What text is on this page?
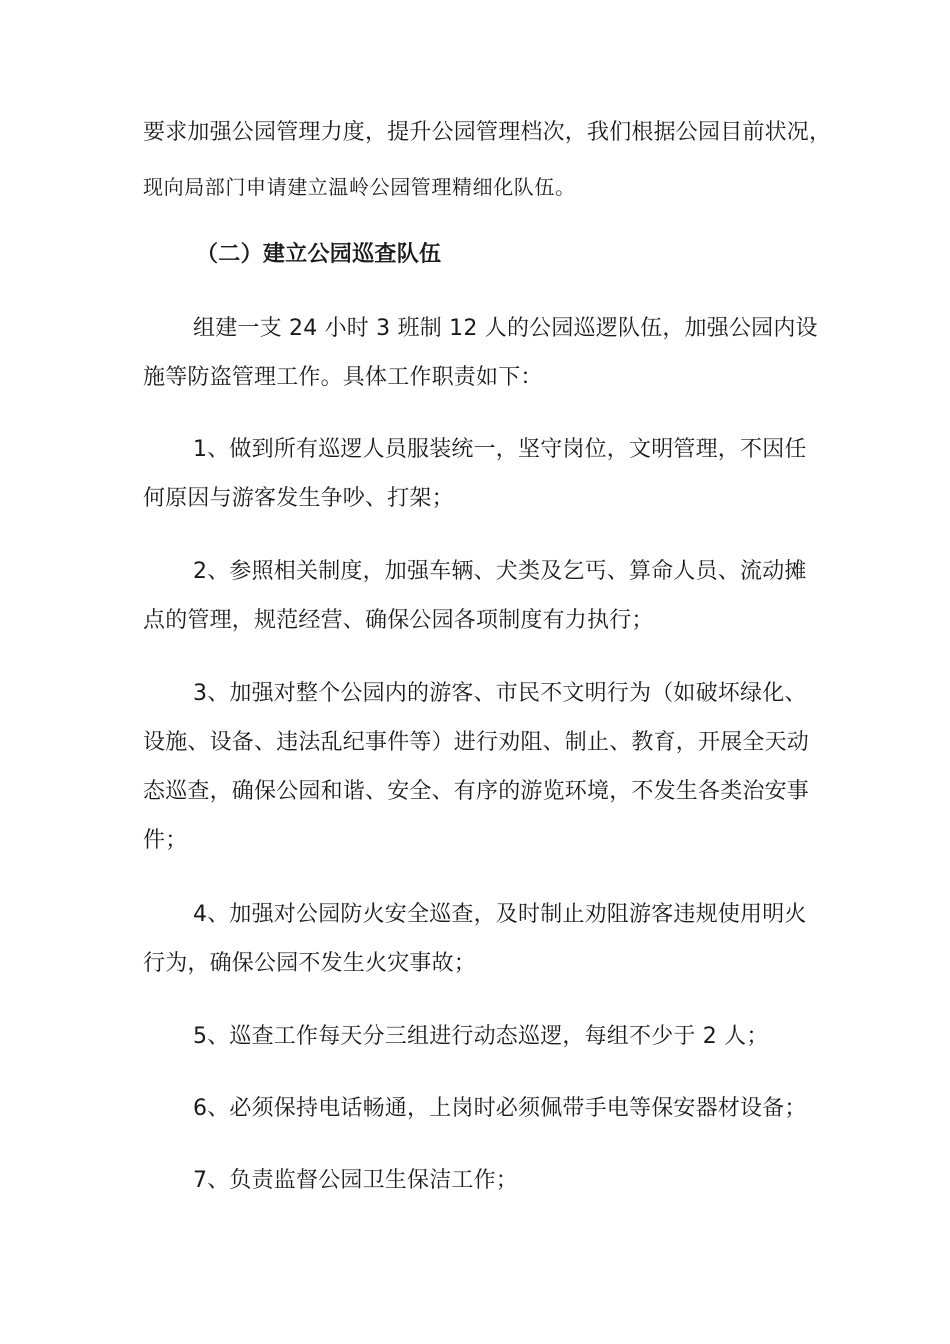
要求加强公园管理力度，提升公园管理档次，我们根据公园目前状况，
现向局部门申请建立温岭公园管理精细化队伍。
（二）建立公园巡查队伍
组建一支 24 小时 3 班制 12 人的公园巡逻队伍，加强公园内设
施等防盗管理工作。具体工作职责如下：
1、做到所有巡逻人员服装统一，坚守岗位，文明管理，不因任
何原因与游客发生争吵、打架；
2、参照相关制度，加强车辆、犬类及乞丐、算命人员、流动摊
点的管理，规范经营、确保公园各项制度有力执行；
3、加强对整个公园内的游客、市民不文明行为（如破坏绿化、
设施、设备、违法乱纪事件等）进行劝阻、制止、教育，开展全天动
态巡查，确保公园和谐、安全、有序的游览环境，不发生各类治安事
件；
4、加强对公园防火安全巡查，及时制止劝阻游客违规使用明火
行为，确保公园不发生火灾事故；
5、巡查工作每天分三组进行动态巡逻，每组不少于 2 人；
6、必须保持电话畅通，上岗时必须佩带手电等保安器材设备；
7、负责监督公园卫生保洁工作；
